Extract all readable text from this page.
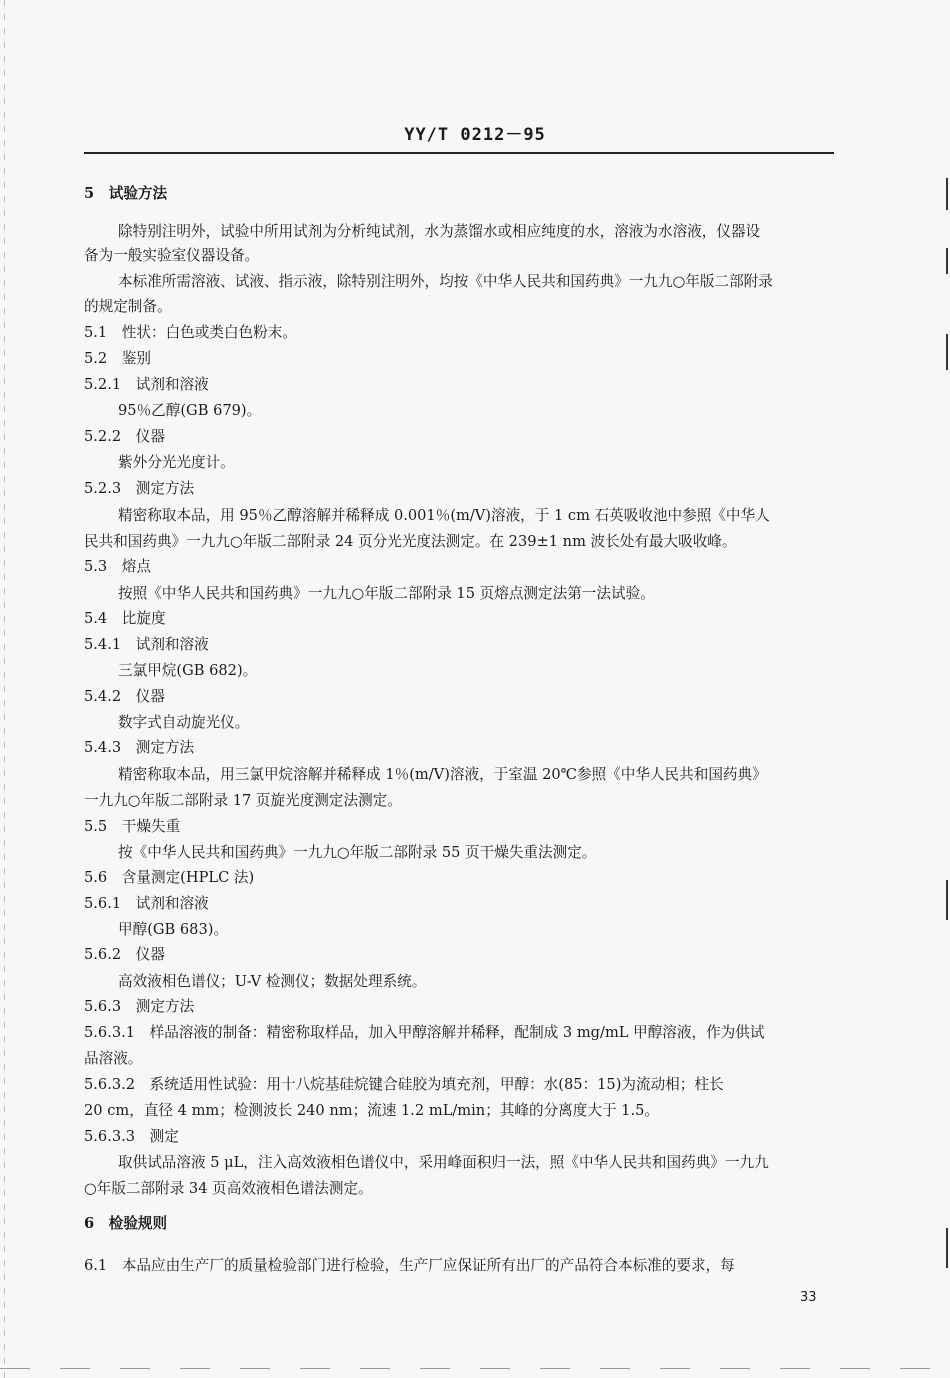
YY/T 0212－95
5　试验方法
除特别注明外，试验中所用试剂为分析纯试剂，水为蒸馏水或相应纯度的水，溶液为水溶液，仪器设
备为一般实验室仪器设备。
本标准所需溶液、试液、指示液，除特别注明外，均按《中华人民共和国药典》一九九○年版二部附录
的规定制备。
5.1　性状：白色或类白色粉末。
5.2　鉴别
5.2.1　试剂和溶液
95％乙醇(GB 679)。
5.2.2　仪器
紫外分光光度计。
5.2.3　测定方法
精密称取本品，用 95％乙醇溶解并稀释成 0.001％(m/V)溶液，于 1 cm 石英吸收池中参照《中华人
民共和国药典》一九九○年版二部附录 24 页分光光度法测定。在 239±1 nm 波长处有最大吸收峰。
5.3　熔点
按照《中华人民共和国药典》一九九○年版二部附录 15 页熔点测定法第一法试验。
5.4　比旋度
5.4.1　试剂和溶液
三氯甲烷(GB 682)。
5.4.2　仪器
数字式自动旋光仪。
5.4.3　测定方法
精密称取本品，用三氯甲烷溶解并稀释成 1％(m/V)溶液，于室温 20℃参照《中华人民共和国药典》
一九九○年版二部附录 17 页旋光度测定法测定。
5.5　干燥失重
按《中华人民共和国药典》一九九○年版二部附录 55 页干燥失重法测定。
5.6　含量测定(HPLC 法)
5.6.1　试剂和溶液
甲醇(GB 683)。
5.6.2　仪器
高效液相色谱仪；U-V 检测仪；数据处理系统。
5.6.3　测定方法
5.6.3.1　样品溶液的制备：精密称取样品，加入甲醇溶解并稀释，配制成 3 mg/mL 甲醇溶液，作为供试
品溶液。
5.6.3.2　系统适用性试验：用十八烷基硅烷键合硅胶为填充剂，甲醇：水(85：15)为流动相；柱长
20 cm，直径 4 mm；检测波长 240 nm；流速 1.2 mL/min；其峰的分离度大于 1.5。
5.6.3.3　测定
取供试品溶液 5 μL，注入高效液相色谱仪中，采用峰面积归一法，照《中华人民共和国药典》一九九
○年版二部附录 34 页高效液相色谱法测定。
6　检验规则
6.1　本品应由生产厂的质量检验部门进行检验，生产厂应保证所有出厂的产品符合本标准的要求，每
33
